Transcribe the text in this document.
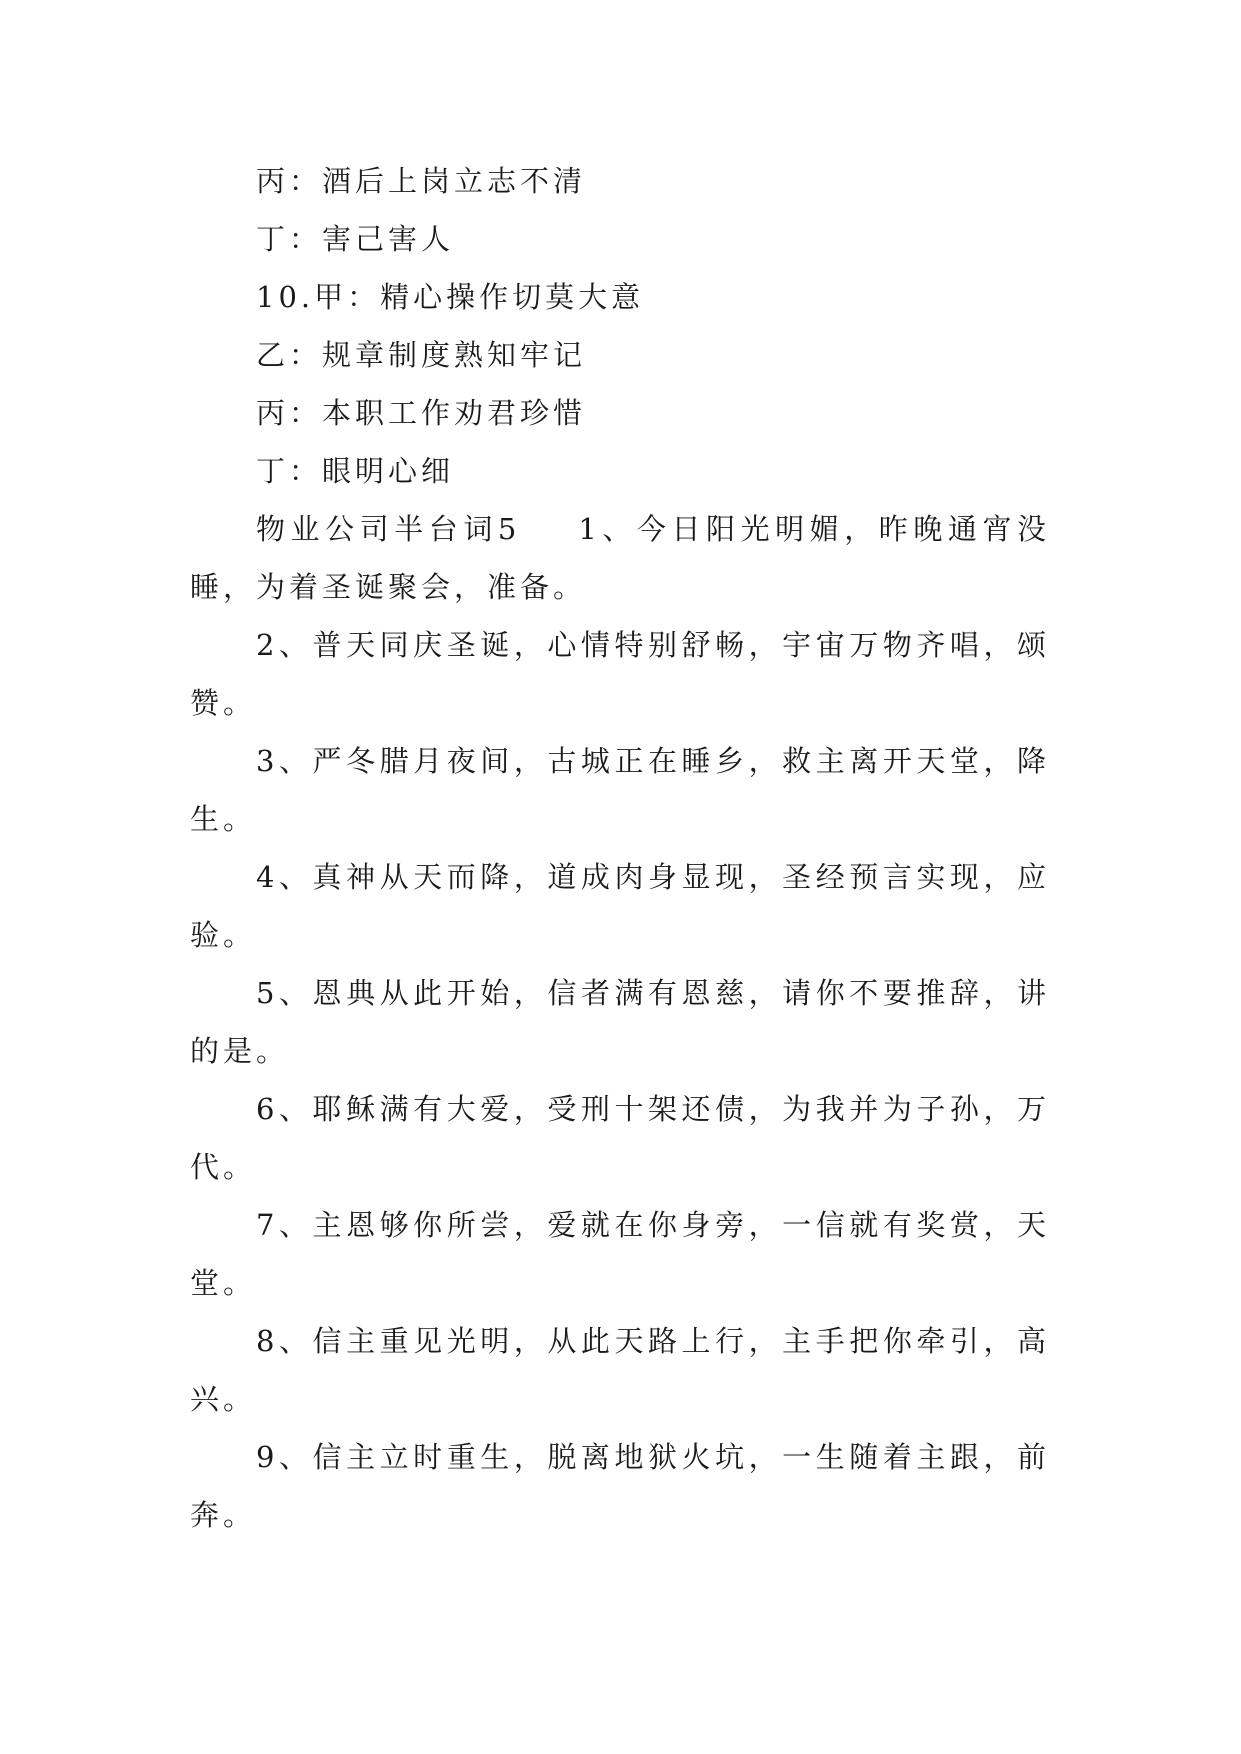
丙：酒后上岗立志不清
丁：害己害人
10.甲：精心操作切莫大意
乙：规章制度熟知牢记
丙：本职工作劝君珍惜
丁：眼明心细
物业公司半台词5 1、今日阳光明媚，昨晚通宵没睡，为着圣诞聚会，准备。
2、普天同庆圣诞，心情特别舒畅，宇宙万物齐唱，颂赞。
3、严冬腊月夜间，古城正在睡乡，救主离开天堂，降生。
4、真神从天而降，道成肉身显现，圣经预言实现，应验。
5、恩典从此开始，信者满有恩慈，请你不要推辞，讲的是。
6、耶稣满有大爱，受刑十架还债，为我并为子孙，万代。
7、主恩够你所尝，爱就在你身旁，一信就有奖赏，天堂。
8、信主重见光明，从此天路上行，主手把你牵引，高兴。
9、信主立时重生，脱离地狱火坑，一生随着主跟，前奔。
